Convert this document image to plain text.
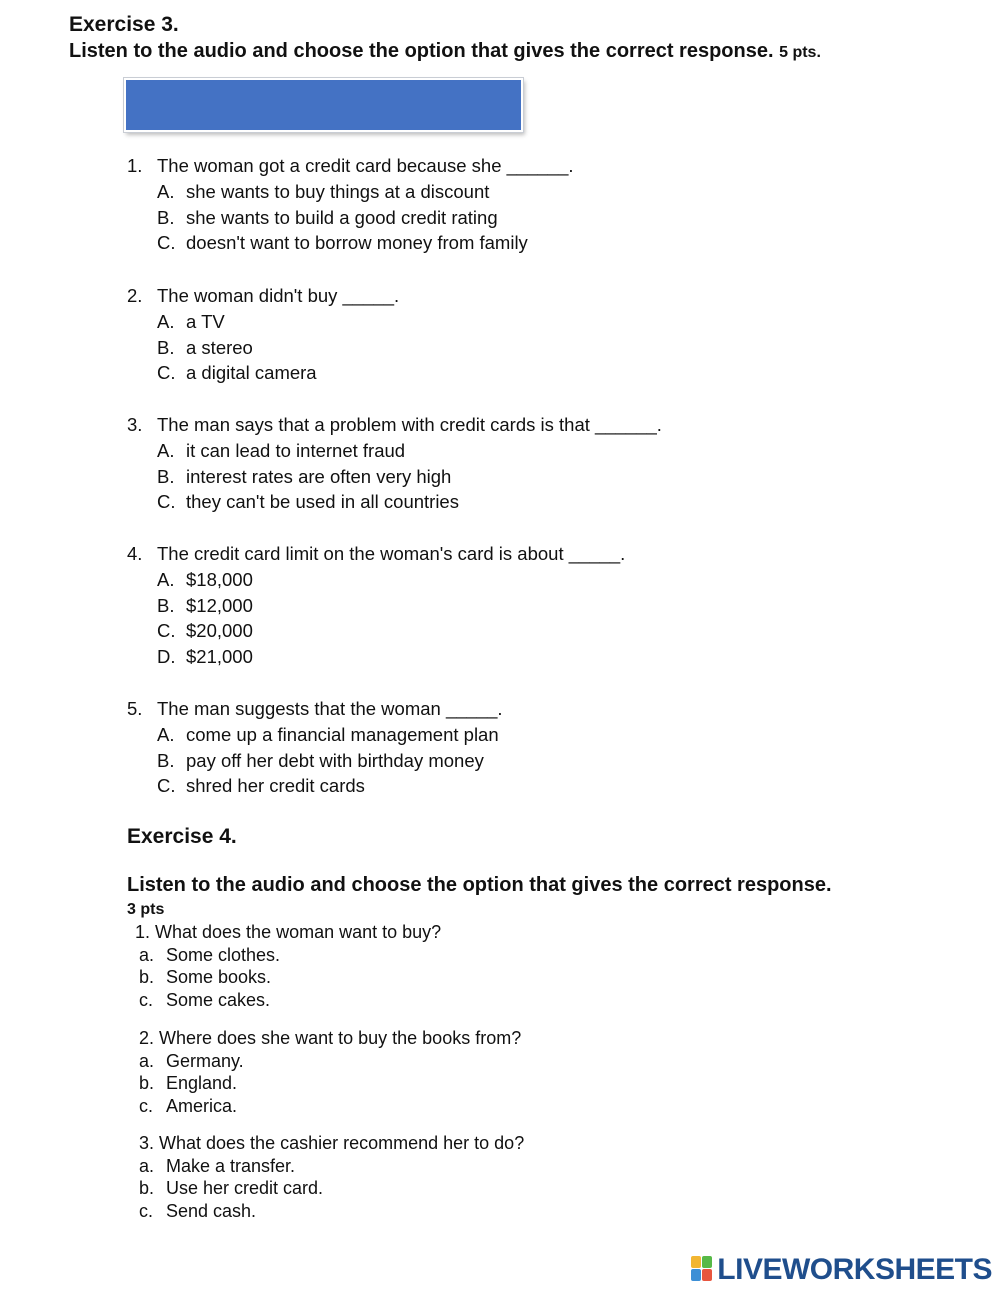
Exercise 3.
Listen to the audio and choose the option that gives the correct response. 5 pts.
1. The woman got a credit card because she ______.
A. she wants to buy things at a discount
B. she wants to build a good credit rating
C. doesn't want to borrow money from family
2. The woman didn't buy _____.
A. a TV
B. a stereo
C. a digital camera
3. The man says that a problem with credit cards is that ______.
A. it can lead to internet fraud
B. interest rates are often very high
C. they can't be used in all countries
4. The credit card limit on the woman's card is about _____.
A. $18,000
B. $12,000
C. $20,000
D. $21,000
5. The man suggests that the woman _____.
A. come up a financial management plan
B. pay off her debt with birthday money
C. shred her credit cards
Exercise 4.
Listen to the audio and choose the option that gives the correct response.
3 pts
1. What does the woman want to buy?
a. Some clothes.
b. Some books.
c. Some cakes.
2. Where does she want to buy the books from?
a. Germany.
b. England.
c. America.
3. What does the cashier recommend her to do?
a. Make a transfer.
b. Use her credit card.
c. Send cash.
LIVEWORKSHEETS
